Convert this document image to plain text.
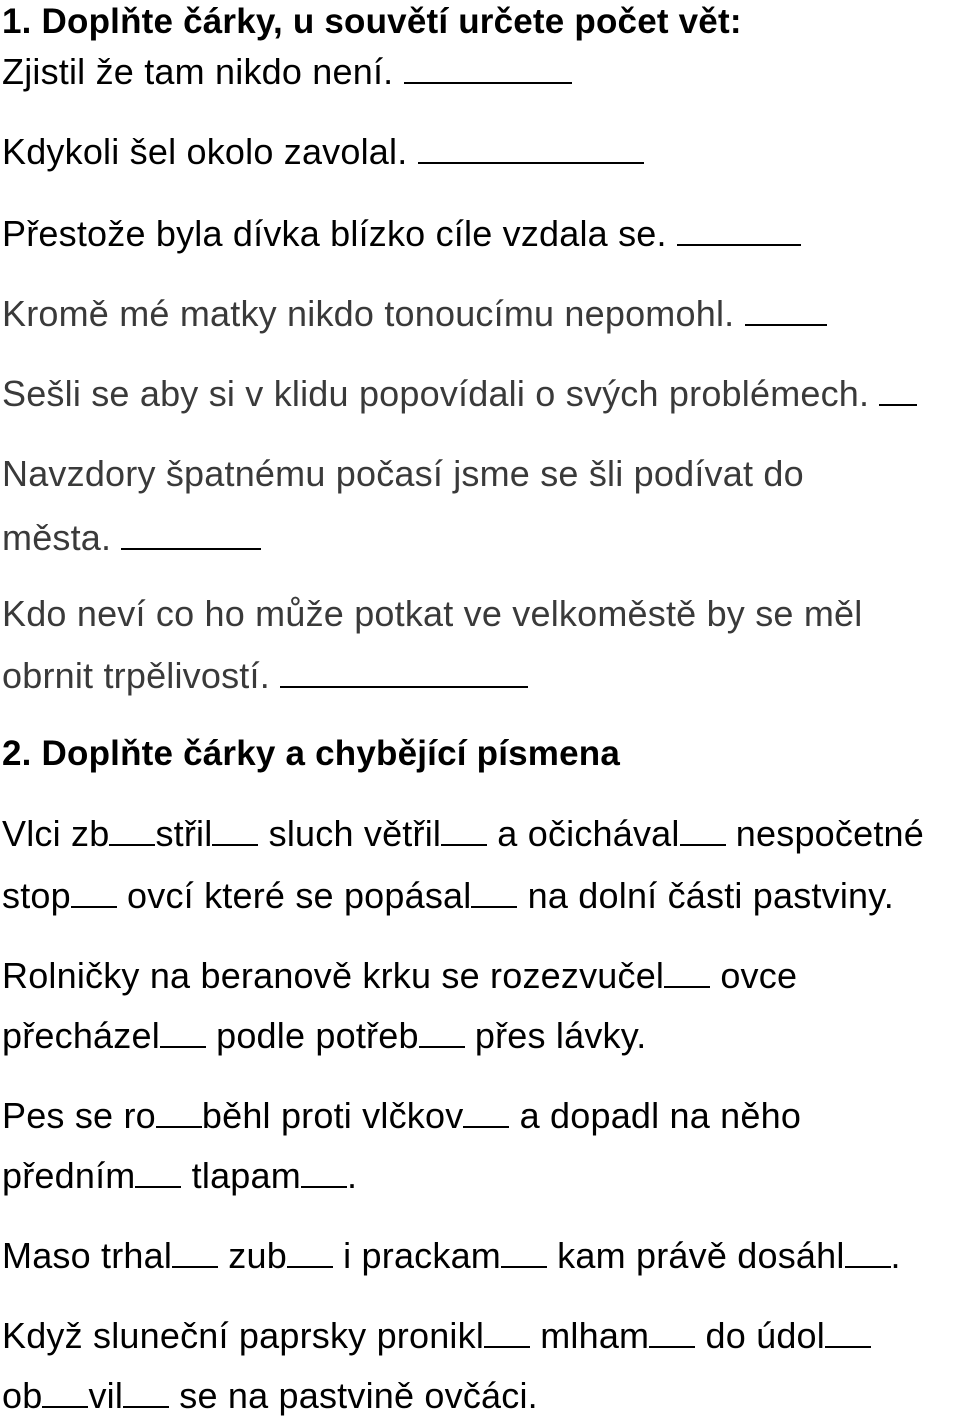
1. Doplňte čárky, u souvětí určete počet vět:
Zjistil že tam nikdo není.
Kdykoli šel okolo zavolal.
Přestože byla dívka blízko cíle vzdala se.
Kromě mé matky nikdo tonoucímu nepomohl.
Sešli se aby si v klidu popovídali o svých problémech.
Navzdory špatnému počasí jsme se šli podívat do
města.
Kdo neví co ho může potkat ve velkoměstě by se měl
obrnit trpělivostí.
2. Doplňte čárky a chybějící písmena
Vlci zb střil sluch větřil a očichával nespočetné
stop ovcí které se popásal na dolní části pastviny.
Rolničky na beranově krku se rozezvučel ovce
přecházel podle potřeb přes lávky.
Pes se ro běhl proti vlčkov a dopadl na něho
předním tlapam .
Maso trhal zub i prackam kam právě dosáhl .
Když sluneční paprsky pronikl mlham do údol
ob vil se na pastvině ovčáci.
